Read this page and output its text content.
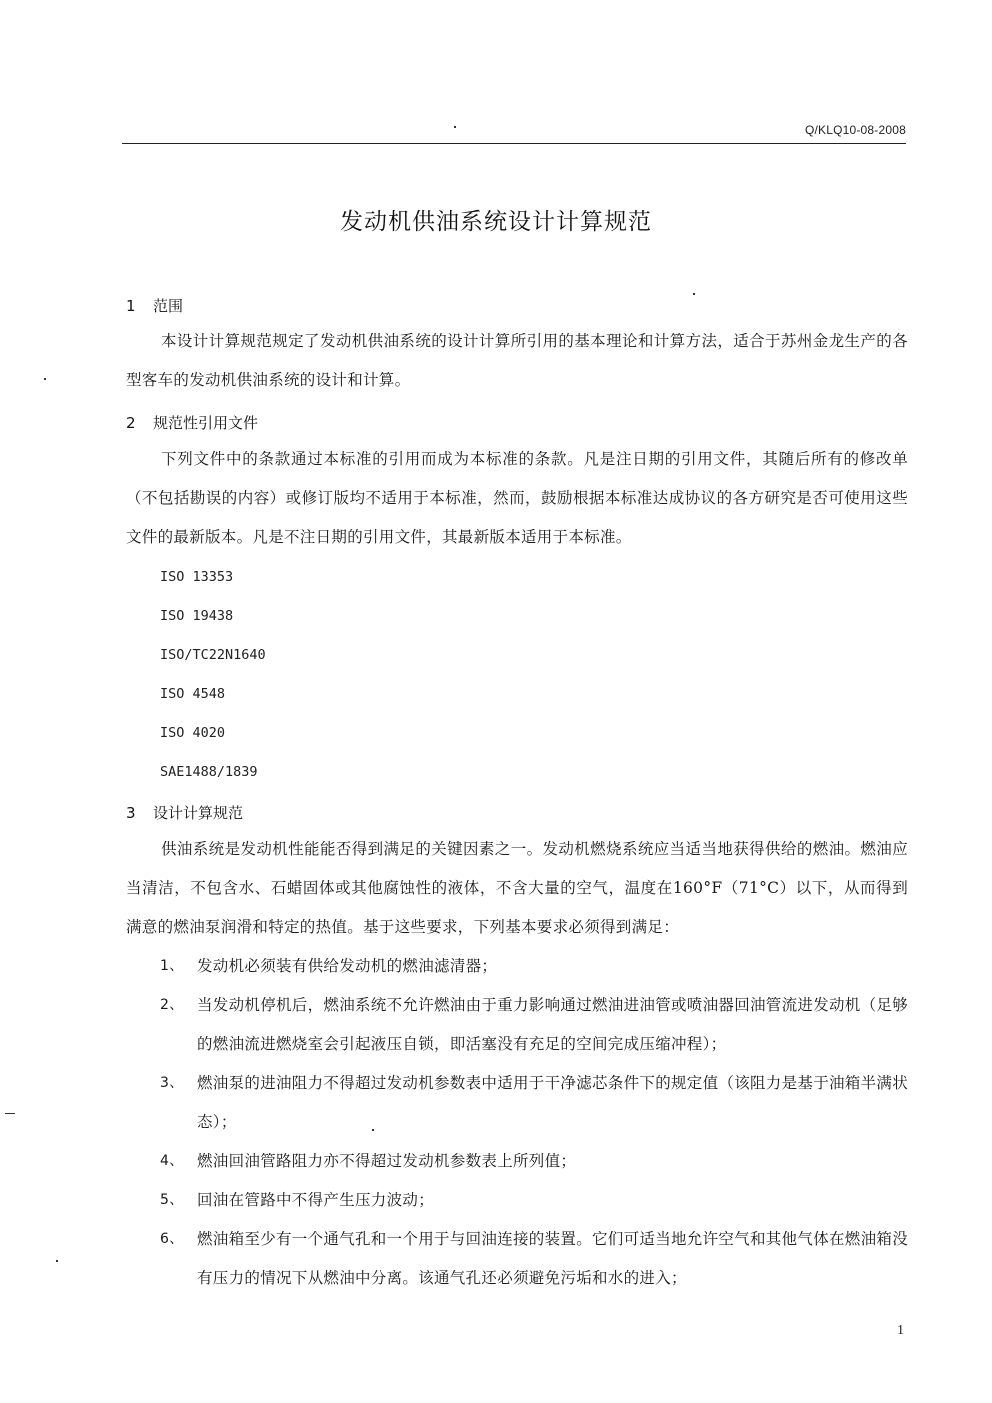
Q/KLQ10-08-2008
发动机供油系统设计计算规范
1 范围
本设计计算规范规定了发动机供油系统的设计计算所引用的基本理论和计算方法，适合于苏州金龙生产的各型客车的发动机供油系统的设计和计算。
2 规范性引用文件
下列文件中的条款通过本标准的引用而成为本标准的条款。凡是注日期的引用文件，其随后所有的修改单（不包括勘误的内容）或修订版均不适用于本标准，然而，鼓励根据本标准达成协议的各方研究是否可使用这些文件的最新版本。凡是不注日期的引用文件，其最新版本适用于本标准。
ISO 13353
ISO 19438
ISO/TC22N1640
ISO 4548
ISO 4020
SAE1488/1839
3 设计计算规范
供油系统是发动机性能能否得到满足的关键因素之一。发动机燃烧系统应当适当地获得供给的燃油。燃油应当清洁，不包含水、石蜡固体或其他腐蚀性的液体，不含大量的空气，温度在160°F（71°C）以下，从而得到满意的燃油泵润滑和特定的热值。基于这些要求，下列基本要求必须得到满足：
1、 发动机必须装有供给发动机的燃油滤清器；
2、 当发动机停机后，燃油系统不允许燃油由于重力影响通过燃油进油管或喷油器回油管流进发动机（足够的燃油流进燃烧室会引起液压自锁，即活塞没有充足的空间完成压缩冲程）；
3、 燃油泵的进油阻力不得超过发动机参数表中适用于干净滤芯条件下的规定值（该阻力是基于油箱半满状态）；
4、 燃油回油管路阻力亦不得超过发动机参数表上所列值；
5、 回油在管路中不得产生压力波动；
6、 燃油箱至少有一个通气孔和一个用于与回油连接的装置。它们可适当地允许空气和其他气体在燃油箱没有压力的情况下从燃油中分离。该通气孔还必须避免污垢和水的进入；
1
